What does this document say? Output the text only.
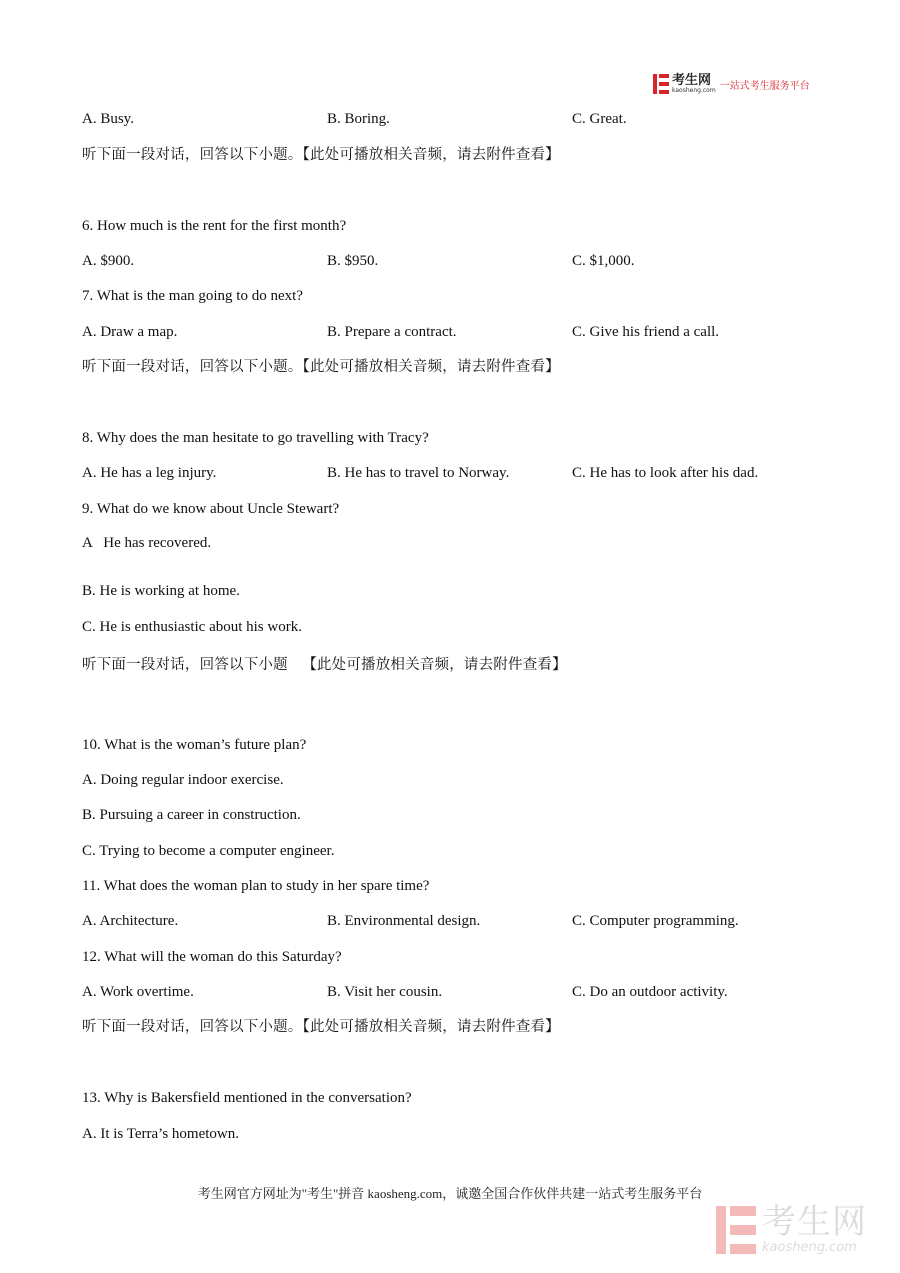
考生网
kaosheng.com 一站式考生服务平台
A. Busy.	B. Boring.	C. Great.
听下面一段对话，回答以下小题。【此处可播放相关音频，请去附件查看】
6. How much is the rent for the first month?
A. $900.	B. $950.	C. $1,000.
7. What is the man going to do next?
A. Draw a map.	B. Prepare a contract.	C. Give his friend a call.
听下面一段对话，回答以下小题。【此处可播放相关音频，请去附件查看】
8. Why does the man hesitate to go travelling with Tracy?
A. He has a leg injury.	B. He has to travel to Norway.	C. He has to look after his dad.
9. What do we know about Uncle Stewart?
A   He has recovered.
B. He is working at home.
C. He is enthusiastic about his work.
听下面一段对话，回答以下小题   【此处可播放相关音频，请去附件查看】
10. What is the woman’s future plan?
A. Doing regular indoor exercise.
B. Pursuing a career in construction.
C. Trying to become a computer engineer.
11. What does the woman plan to study in her spare time?
A. Architecture.	B. Environmental design.	C. Computer programming.
12. What will the woman do this Saturday?
A. Work overtime.	B. Visit her cousin.	C. Do an outdoor activity.
听下面一段对话，回答以下小题。【此处可播放相关音频，请去附件查看】
13. Why is Bakersfield mentioned in the conversation?
A. It is Terra’s hometown.
考生网官方网址为"考生"拼音 kaosheng.com，诚邀全国合作伙伴共建一站式考生服务平台
考生网
kaosheng.com
